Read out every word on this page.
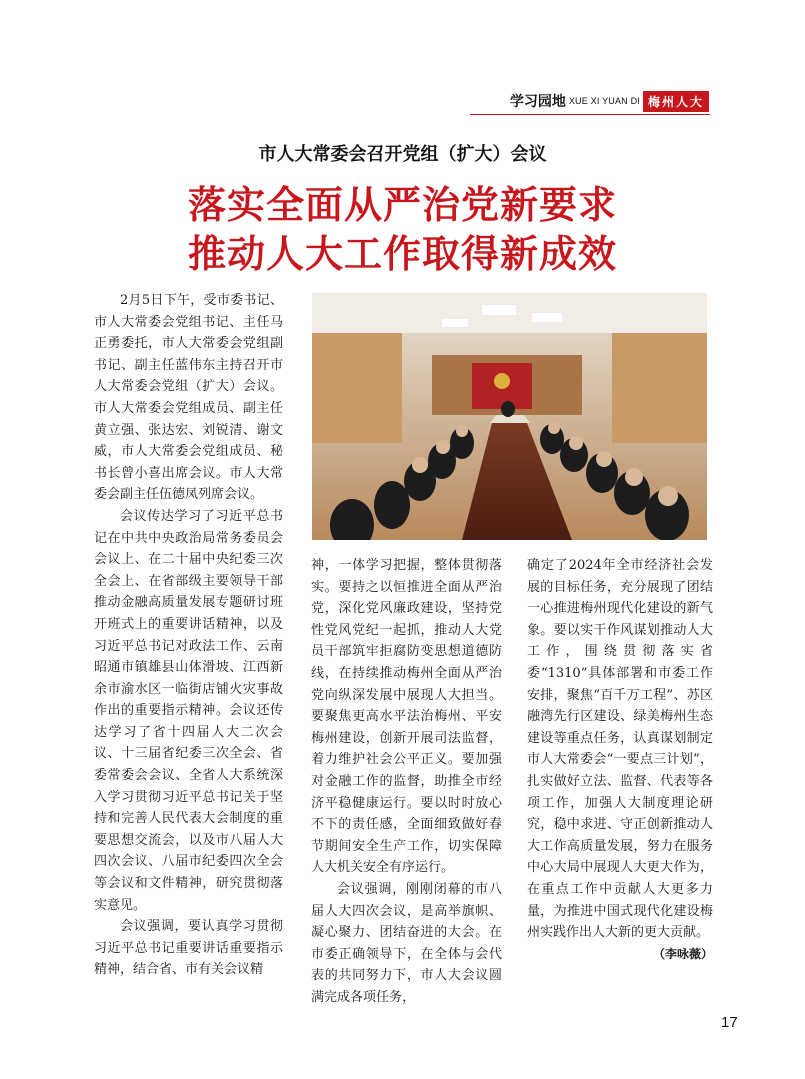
学习园地 XUE XI YUAN DI 梅州人大
市人大常委会召开党组（扩大）会议
落实全面从严治党新要求
推动人大工作取得新成效

2月5日下午，受市委书记、市人大常委会党组书记、主任马正勇委托，市人大常委会党组副书记、副主任蓝伟东主持召开市人大常委会党组（扩大）会议。市人大常委会党组成员、副主任黄立强、张达宏、刘锐清、谢文威，市人大常委会党组成员、秘书长曾小喜出席会议。市人大常委会副主任伍德凤列席会议。

会议传达学习了习近平总书记在中共中央政治局常务委员会会议上、在二十届中央纪委三次全会上、在省部级主要领导干部推动金融高质量发展专题研讨班开班式上的重要讲话精神，以及习近平总书记对政法工作、云南昭通市镇雄县山体滑坡、江西新余市渝水区一临街店铺火灾事故作出的重要指示精神。会议还传达学习了省十四届人大二次会议、十三届省纪委三次全会、省委常委会会议、全省人大系统深入学习贯彻习近平总书记关于坚持和完善人民代表大会制度的重要思想交流会，以及市八届人大四次会议、八届市纪委四次全会等会议和文件精神，研究贯彻落实意见。

会议强调，要认真学习贯彻习近平总书记重要讲话重要指示精神，结合省、市有关会议精

神，一体学习把握，整体贯彻落实。要持之以恒推进全面从严治党，深化党风廉政建设，坚持党性党风党纪一起抓，推动人大党员干部筑牢拒腐防变思想道德防线，在持续推动梅州全面从严治党向纵深发展中展现人大担当。要聚焦更高水平法治梅州、平安梅州建设，创新开展司法监督，着力维护社会公平正义。要加强对金融工作的监督，助推全市经济平稳健康运行。要以时时放心不下的责任感，全面细致做好春节期间安全生产工作，切实保障人大机关安全有序运行。

会议强调，刚刚闭幕的市八届人大四次会议，是高举旗帜、凝心聚力、团结奋进的大会。在市委正确领导下，在全体与会代表的共同努力下，市人大会议圆满完成各项任务，

确定了2024年全市经济社会发展的目标任务，充分展现了团结一心推进梅州现代化建设的新气象。要以实干作风谋划推动人大工作，围绕贯彻落实省委“1310”具体部署和市委工作安排，聚焦“百千万工程”、苏区融湾先行区建设、绿美梅州生态建设等重点任务，认真谋划制定市人大常委会“一要点三计划”，扎实做好立法、监督、代表等各项工作，加强人大制度理论研究，稳中求进、守正创新推动人大工作高质量发展，努力在服务中心大局中展现人大更大作为，在重点工作中贡献人大更多力量，为推进中国式现代化建设梅州实践作出人大新的更大贡献。

（李咏薇）

17
